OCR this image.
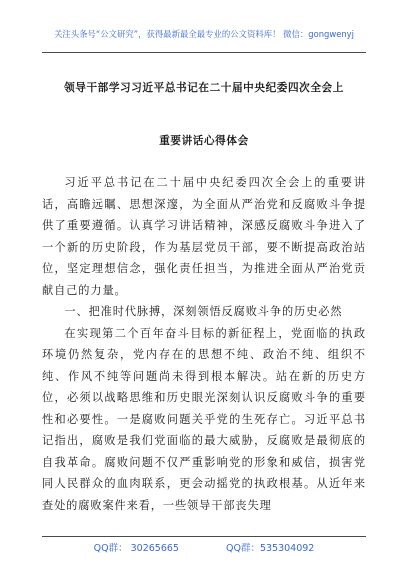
关注头条号“公文研究”，获得最新最全最专业的公文资料库！ 微信：gongwenyj
领导干部学习习近平总书记在二十届中央纪委四次全会上
重要讲话心得体会

习近平总书记在二十届中央纪委四次全会上的重要讲话，高瞻远瞩、思想深邃，为全面从严治党和反腐败斗争提供了重要遵循。认真学习讲话精神，深感反腐败斗争进入了一个新的历史阶段，作为基层党员干部，要不断提高政治站位，坚定理想信念，强化责任担当，为推进全面从严治党贡献自己的力量。

一、把准时代脉搏，深刻领悟反腐败斗争的历史必然

在实现第二个百年奋斗目标的新征程上，党面临的执政环境仍然复杂，党内存在的思想不纯、政治不纯、组织不纯、作风不纯等问题尚未得到根本解决。站在新的历史方位，必须以战略思维和历史眼光深刻认识反腐败斗争的重要性和必要性。一是腐败问题关乎党的生死存亡。习近平总书记指出，腐败是我们党面临的最大威胁，反腐败是最彻底的自我革命。腐败问题不仅严重影响党的形象和威信，损害党同人民群众的血肉联系，更会动摇党的执政根基。从近年来查处的腐败案件来看，一些领导干部丧失理

QQ群： 30265665	QQ群：535304092
